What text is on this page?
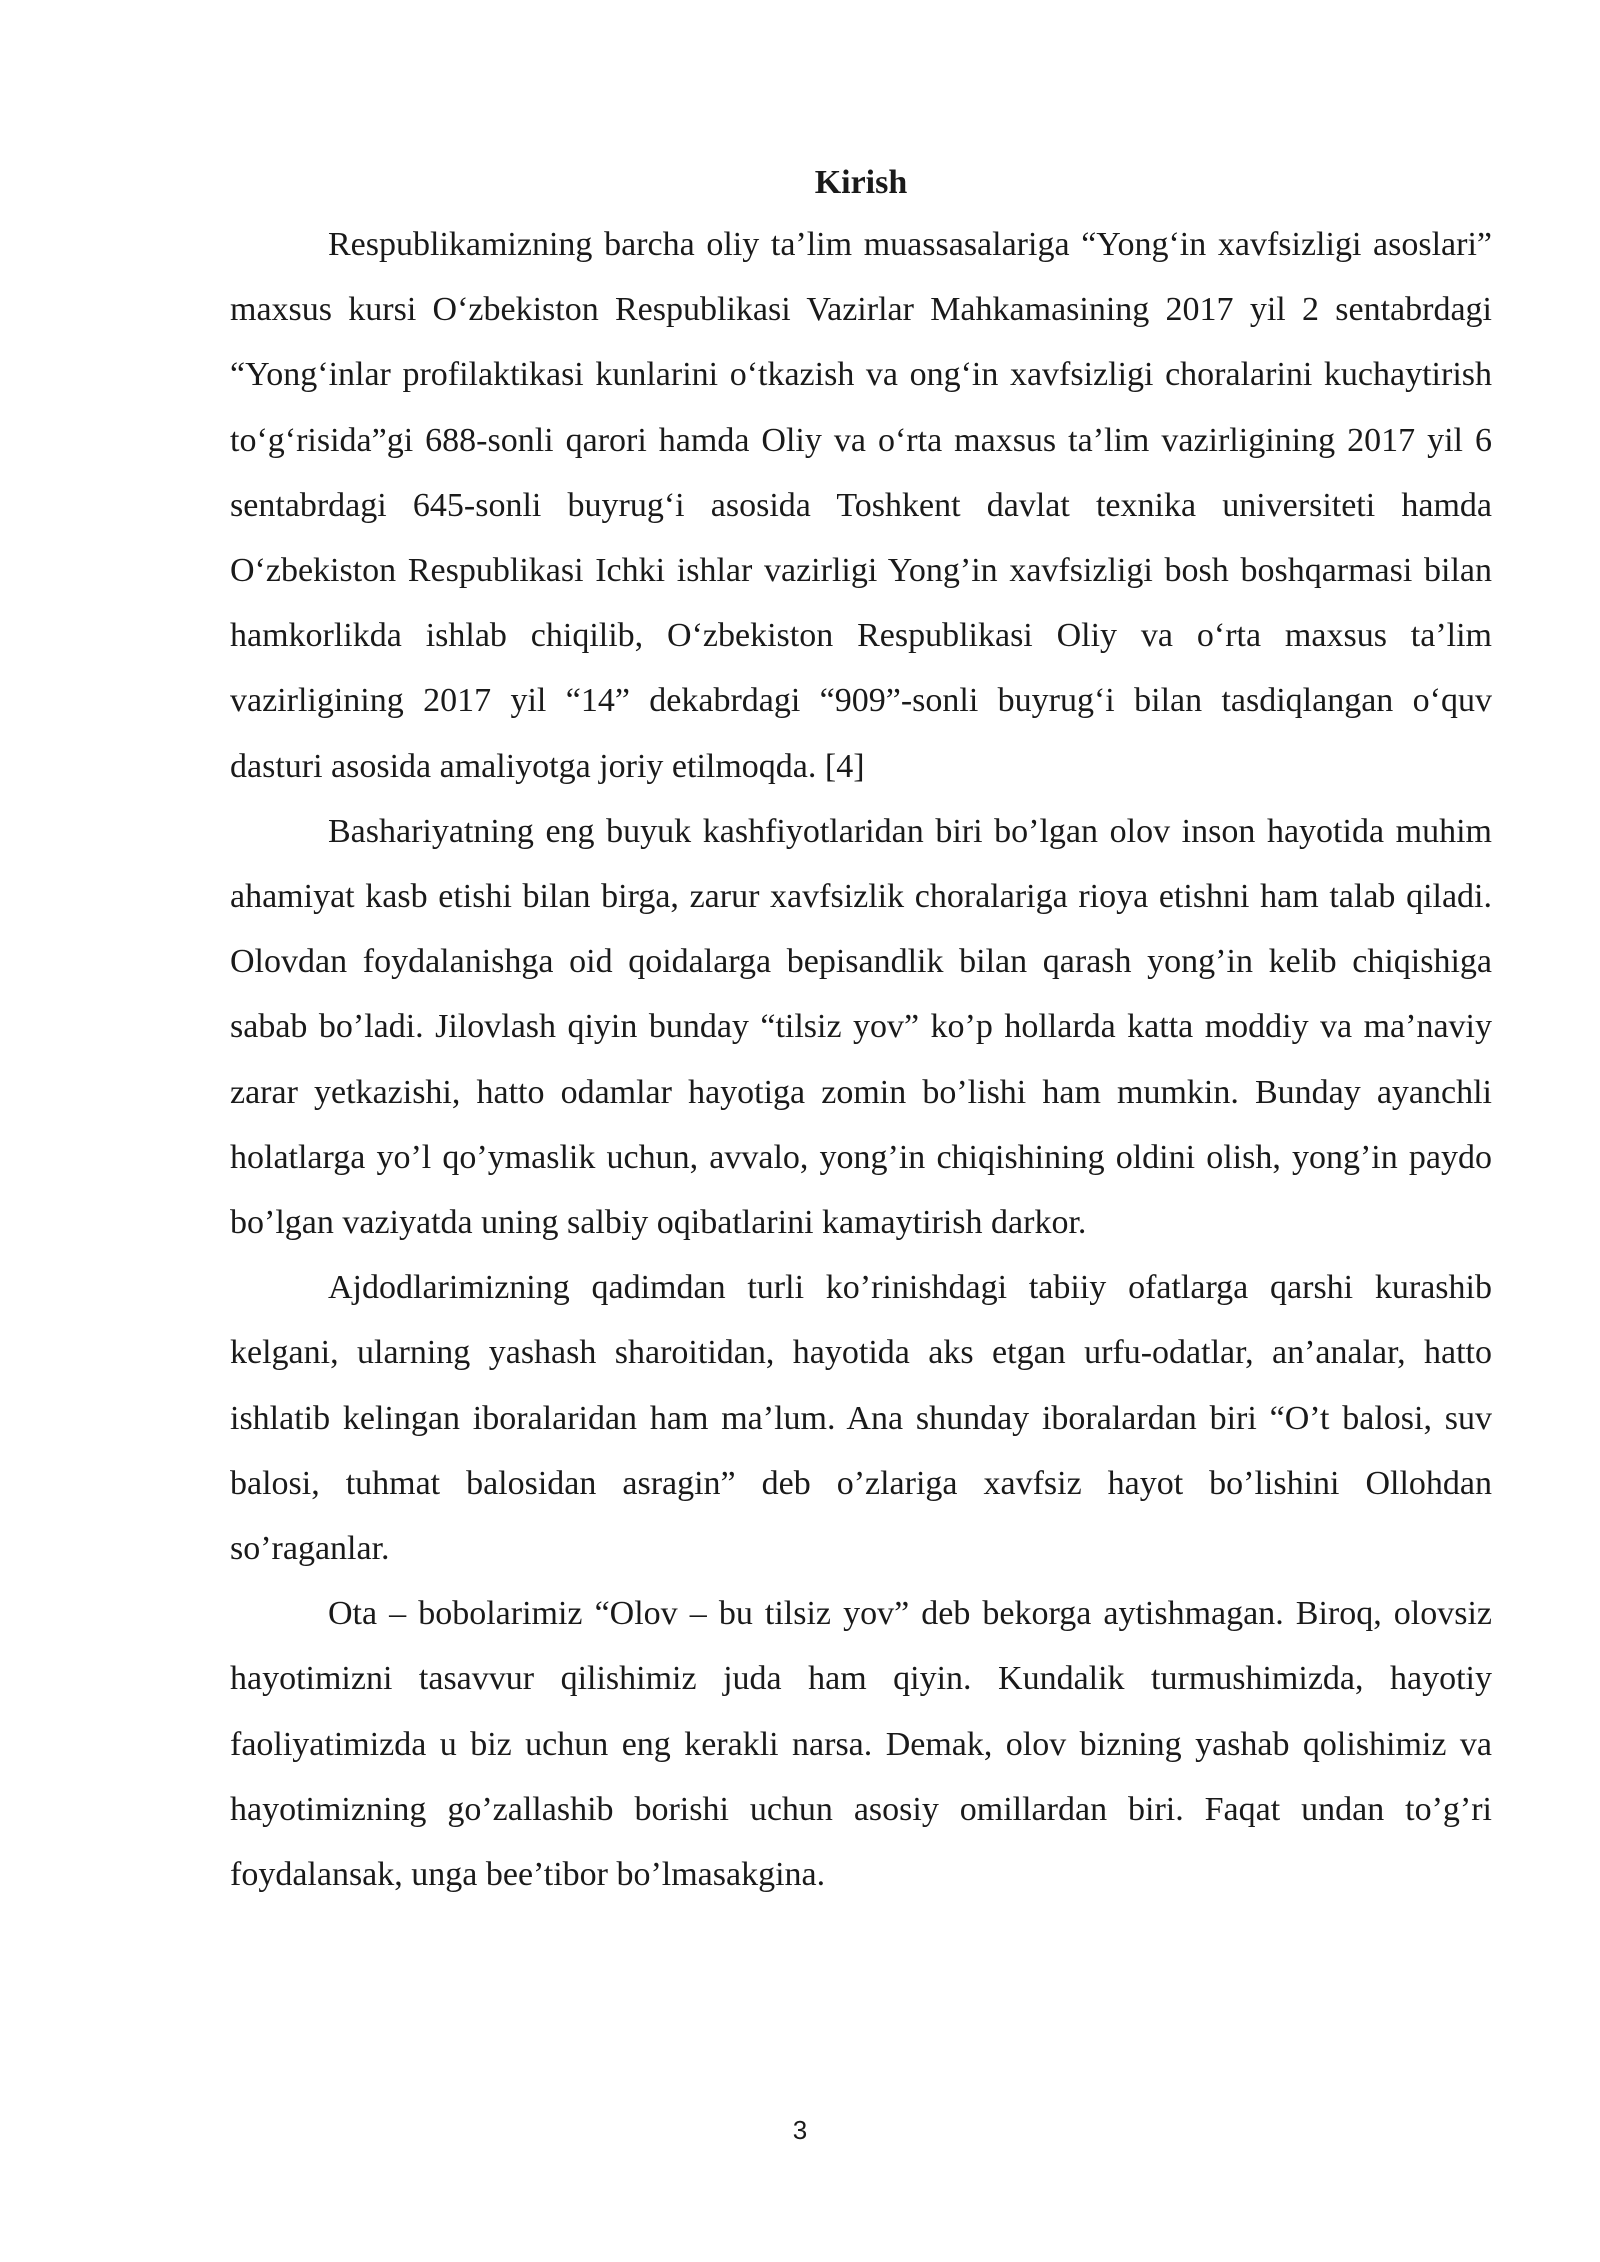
Kirish

Respublikamizning barcha oliy ta’lim muassasalariga “Yong‘in xavfsizligi asoslari” maxsus kursi O‘zbekiston Respublikasi Vazirlar Mahkamasining 2017 yil 2 sentabrdagi “Yong‘inlar profilaktikasi kunlarini o‘tkazish va ong‘in xavfsizligi choralarini kuchaytirish to‘g‘risida”gi 688-sonli qarori hamda Oliy va o‘rta maxsus ta’lim vazirligining 2017 yil 6 sentabrdagi 645-sonli buyrug‘i asosida Toshkent davlat texnika universiteti hamda O‘zbekiston Respublikasi Ichki ishlar vazirligi Yong’in xavfsizligi bosh boshqarmasi bilan hamkorlikda ishlab chiqilib, O‘zbekiston Respublikasi Oliy va o‘rta maxsus ta’lim vazirligining 2017 yil “14” dekabrdagi “909”-sonli buyrug‘i bilan tasdiqlangan o‘quv dasturi asosida amaliyotga joriy etilmoqda. [4]

Bashariyatning eng buyuk kashfiyotlaridan biri bo’lgan olov inson hayotida muhim ahamiyat kasb etishi bilan birga, zarur xavfsizlik choralariga rioya etishni ham talab qiladi. Olovdan foydalanishga oid qoidalarga bepisandlik bilan qarash yong’in kelib chiqishiga sabab bo’ladi. Jilovlash qiyin bunday “tilsiz yov” ko’p hollarda katta moddiy va ma’naviy zarar yetkazishi, hatto odamlar hayotiga zomin bo’lishi ham mumkin. Bunday ayanchli holatlarga yo’l qo’ymaslik uchun, avvalo, yong’in chiqishining oldini olish, yong’in paydo bo’lgan vaziyatda uning salbiy oqibatlarini kamaytirish darkor.

Ajdodlarimizning qadimdan turli ko’rinishdagi tabiiy ofatlarga qarshi kurashib kelgani, ularning yashash sharoitidan, hayotida aks etgan urfu-odatlar, an’analar, hatto ishlatib kelingan iboralaridan ham ma’lum. Ana shunday iboralardan biri “O’t balosi, suv balosi, tuhmat balosidan asragin” deb o’zlariga xavfsiz hayot bo’lishini Ollohdan so’raganlar.

Ota – bobolarimiz “Olov – bu tilsiz yov” deb bekorga aytishmagan. Biroq, olovsiz hayotimizni tasavvur qilishimiz juda ham qiyin. Kundalik turmushimizda, hayotiy faoliyatimizda u biz uchun eng kerakli narsa. Demak, olov bizning yashab qolishimiz va hayotimizning go’zallashib borishi uchun asosiy omillardan biri. Faqat undan to’g’ri foydalansak, unga bee’tibor bo’lmasakgina.

3
